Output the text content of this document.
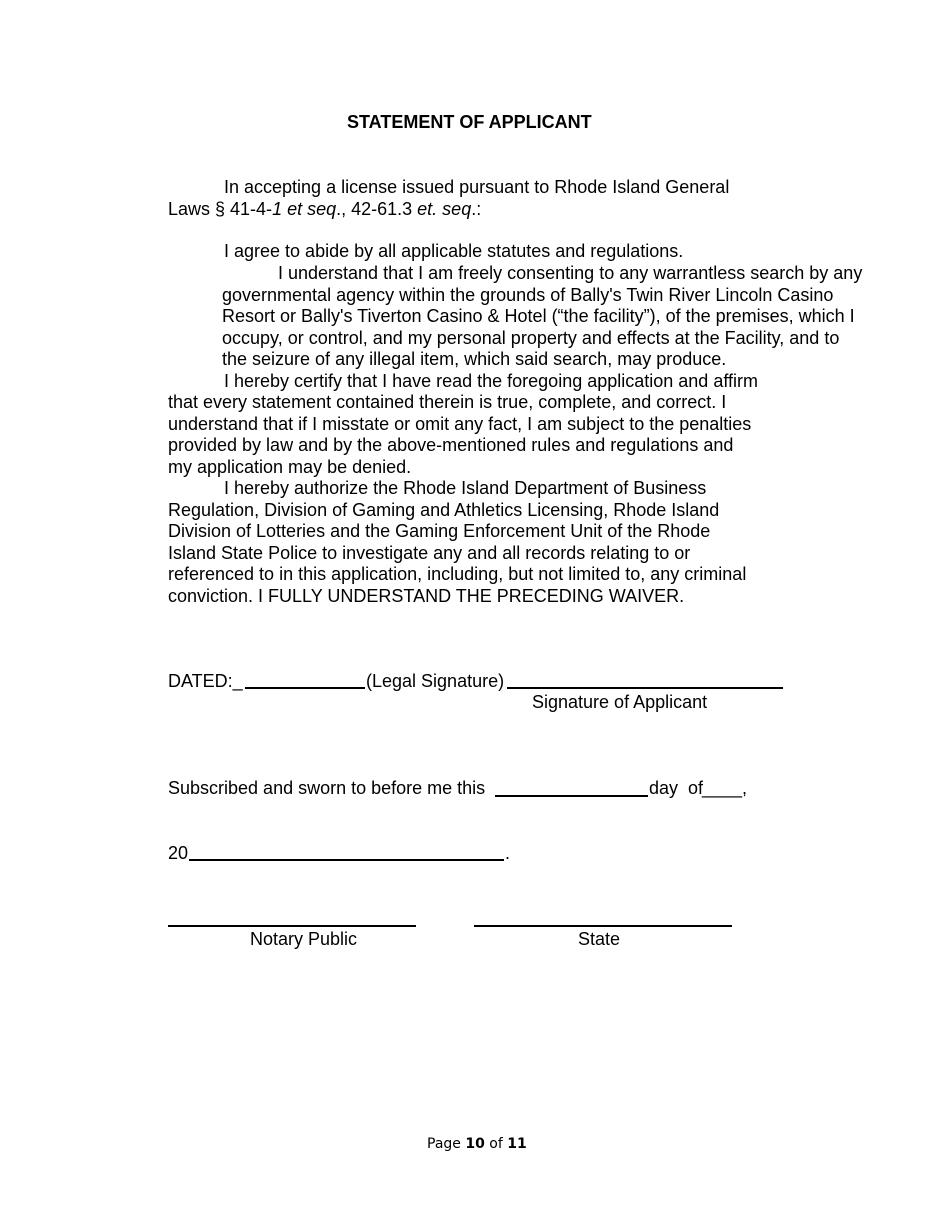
STATEMENT OF APPLICANT
In accepting a license issued pursuant to Rhode Island General
Laws § 41-4-1 et seq., 42-61.3 et. seq.:
I agree to abide by all applicable statutes and regulations.
I understand that I am freely consenting to any warrantless search by any
governmental agency within the grounds of Bally's Twin River Lincoln Casino
Resort or Bally's Tiverton Casino & Hotel (“the facility”), of the premises, which I
occupy, or control, and my personal property and effects at the Facility, and to
the seizure of any illegal item, which said search, may produce.
I hereby certify that I have read the foregoing application and affirm
that every statement contained therein is true, complete, and correct. I
understand that if I misstate or omit any fact, I am subject to the penalties
provided by law and by the above-mentioned rules and regulations and
my application may be denied.
I hereby authorize the Rhode Island Department of Business
Regulation, Division of Gaming and Athletics Licensing, Rhode Island
Division of Lotteries and the Gaming Enforcement Unit of the Rhode
Island State Police to investigate any and all records relating to or
referenced to in this application, including, but not limited to, any criminal
conviction. I FULLY UNDERSTAND THE PRECEDING WAIVER.
DATED:_	(Legal Signature)
Signature of Applicant
Subscribed and sworn to before me this	day  of
____,
20	.
Notary Public	State
Page 10 of 11
